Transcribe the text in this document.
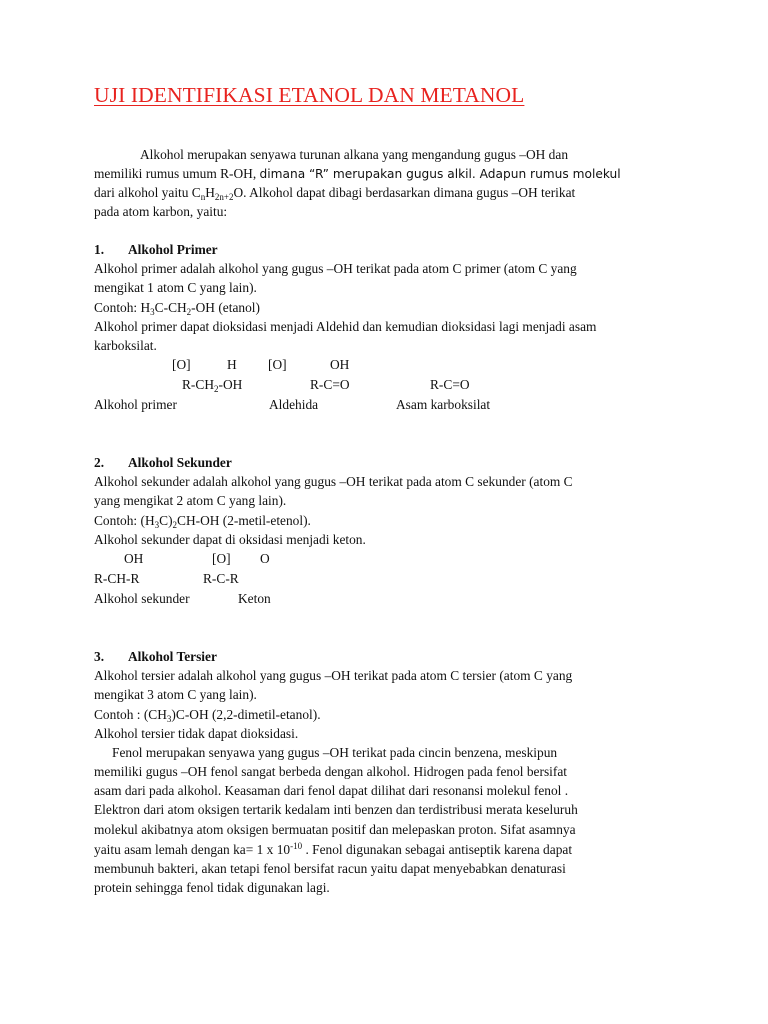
UJI IDENTIFIKASI ETANOL DAN METANOL
Alkohol merupakan senyawa turunan alkana yang mengandung gugus –OH dan
memiliki rumus umum R-OH, dimana “R” merupakan gugus alkil. Adapun rumus molekul
dari alkohol yaitu $C_nH_{2n+2}O$. Alkohol dapat dibagi berdasarkan dimana gugus –OH terikat
pada atom karbon, yaitu:
1. Alkohol Primer
Alkohol primer adalah alkohol yang gugus –OH terikat pada atom C primer (atom C yang
mengikat 1 atom C yang lain).
Contoh: $H_3C-CH_2-OH$ (etanol)
Alkohol primer dapat dioksidasi menjadi Aldehid dan kemudian dioksidasi lagi menjadi asam
karboksilat.
[O]	H [O]	OH
$R-CH_2-OH$	R-C=O	R-C=O
Alkohol primer	Aldehida	Asam karboksilat
2. Alkohol Sekunder
Alkohol sekunder adalah alkohol yang gugus –OH terikat pada atom C sekunder (atom C
yang mengikat 2 atom C yang lain).
Contoh: $(H_3C)_2CH-OH$ (2-metil-etenol).
Alkohol sekunder dapat di oksidasi menjadi keton.
OH	[O] O
R-CH-R	R-C-R
Alkohol sekunder	Keton
3. Alkohol Tersier
Alkohol tersier adalah alkohol yang gugus –OH terikat pada atom C tersier (atom C yang
mengikat 3 atom C yang lain).
Contoh : $(CH_3)C-OH$ (2,2-dimetil-etanol).
Alkohol tersier tidak dapat dioksidasi.
Fenol merupakan senyawa yang gugus –OH terikat pada cincin benzena, meskipun
memiliki gugus –OH fenol sangat berbeda dengan alkohol. Hidrogen pada fenol bersifat
asam dari pada alkohol. Keasaman dari fenol dapat dilihat dari resonansi molekul fenol .
Elektron dari atom oksigen tertarik kedalam inti benzen dan terdistribusi merata keseluruh
molekul akibatnya atom oksigen bermuatan positif dan melepaskan proton. Sifat asamnya
yaitu asam lemah dengan ka= 1 x $10^{-10}$ . Fenol digunakan sebagai antiseptik karena dapat
membunuh bakteri, akan tetapi fenol bersifat racun yaitu dapat menyebabkan denaturasi
protein sehingga fenol tidak digunakan lagi.
